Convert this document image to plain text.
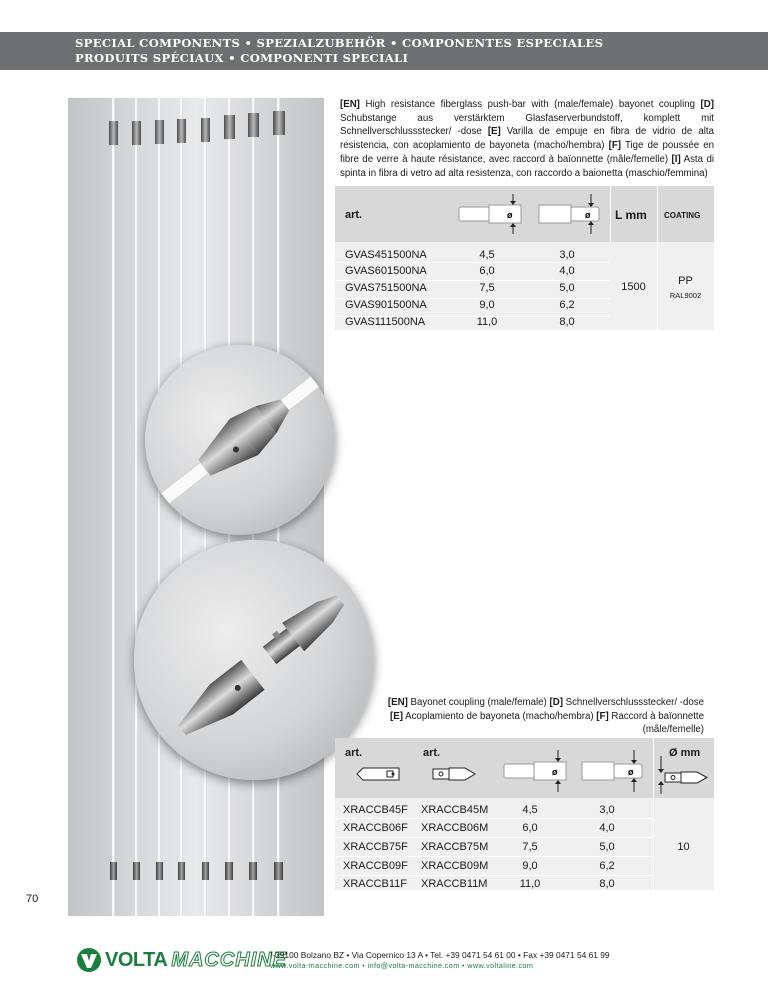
SPECIAL COMPONENTS • SPEZIALZUBEHÖR • COMPONENTES ESPECIALES
PRODUITS SPÉCIAUX • COMPONENTI SPECIALI
[EN] High resistance fiberglass push-bar with (male/female) bayonet coupling [D] Schubstange aus verstärktem Glasfaserverbundstoff, komplett mit Schnellverschlussstecker/ -dose [E] Varilla de empuje en fibra de vidrio de alta resistencia, con acoplamiento de bayoneta (macho/hembra) [F] Tige de poussée en fibre de verre à haute résistance, avec raccord à baïonnette (mâle/femelle) [I] Asta di spinta in fibra di vetro ad alta resistenza, con raccordo a baionetta (maschio/femmina)
art.	ø	ø L mm COATING
GVAS451500NA	4,5	3,0
GVAS601500NA	6,0	4,0
GVAS751500NA	7,5	5,0
GVAS901500NA	9,0	6,2
GVAS111500NA	11,0	8,0
1500	PP
RAL9002
[EN] Bayonet coupling (male/female) [D] Schnellverschlussstecker/ -dose
[E] Acoplamiento de bayoneta (macho/hembra) [F] Raccord à baïonnette (mâle/femelle)

art.	art.
ø	ø
Ø mm
XRACCB45F XRACCB45M	4,5	3,0
XRACCB06F XRACCB06M	6,0	4,0
XRACCB75F XRACCB75M	7,5	5,0
XRACCB09F XRACCB09M	9,0	6,2
XRACCB11F XRACCB11M	11,0	8,0
10
70
VOLTA MACCHINE
I-39100 Bolzano BZ • Via Copernico 13 A • Tel. +39 0471 54 61 00 • Fax +39 0471 54 61 99
www.volta-macchine.com • info@volta-macchine.com • www.voltaline.com
